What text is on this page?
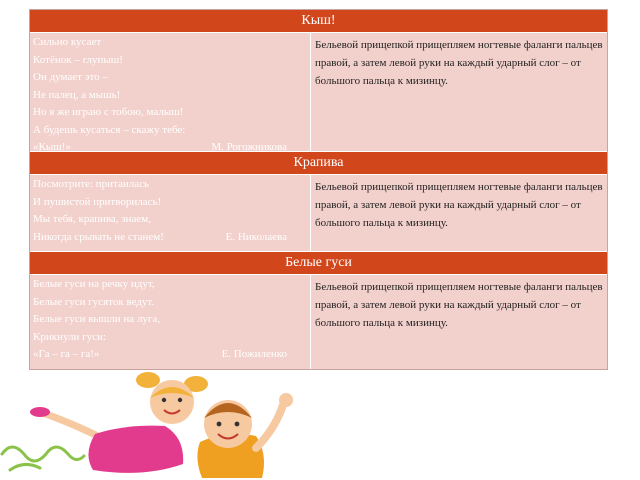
Кыш!
Сильно кусает
Котёнок – глупыш!
Он думает это –
Не палец, а мышь!
Но я же играю с тобою, малыш!
А будешь кусаться – скажу тебе:
«Кыш!»	М. Рогожникова
Бельевой прищепкой прищепляем ногтевые фаланги пальцев правой, а затем левой руки на каждый ударный слог – от большого пальца к мизинцу.
Крапива
Посмотрите: притаилась
И пушистой притворилась!
Мы тебя, крапива, знаем,
Никогда срывать не станем!	Е. Николаева
Бельевой прищепкой прищепляем ногтевые фаланги пальцев правой, а затем левой руки на каждый ударный слог – от большого пальца к мизинцу.
Белые гуси
Белые гуси на речку идут,
Белые гуси гусяток ведут.
Белые гуси вышли на луга,
Крикнули гуси:
«Га – га – га!»	Е. Пожиленко
Бельевой прищепкой прищепляем ногтевые фаланги пальцев правой, а затем левой руки на каждый ударный слог – от большого пальца к мизинцу.
